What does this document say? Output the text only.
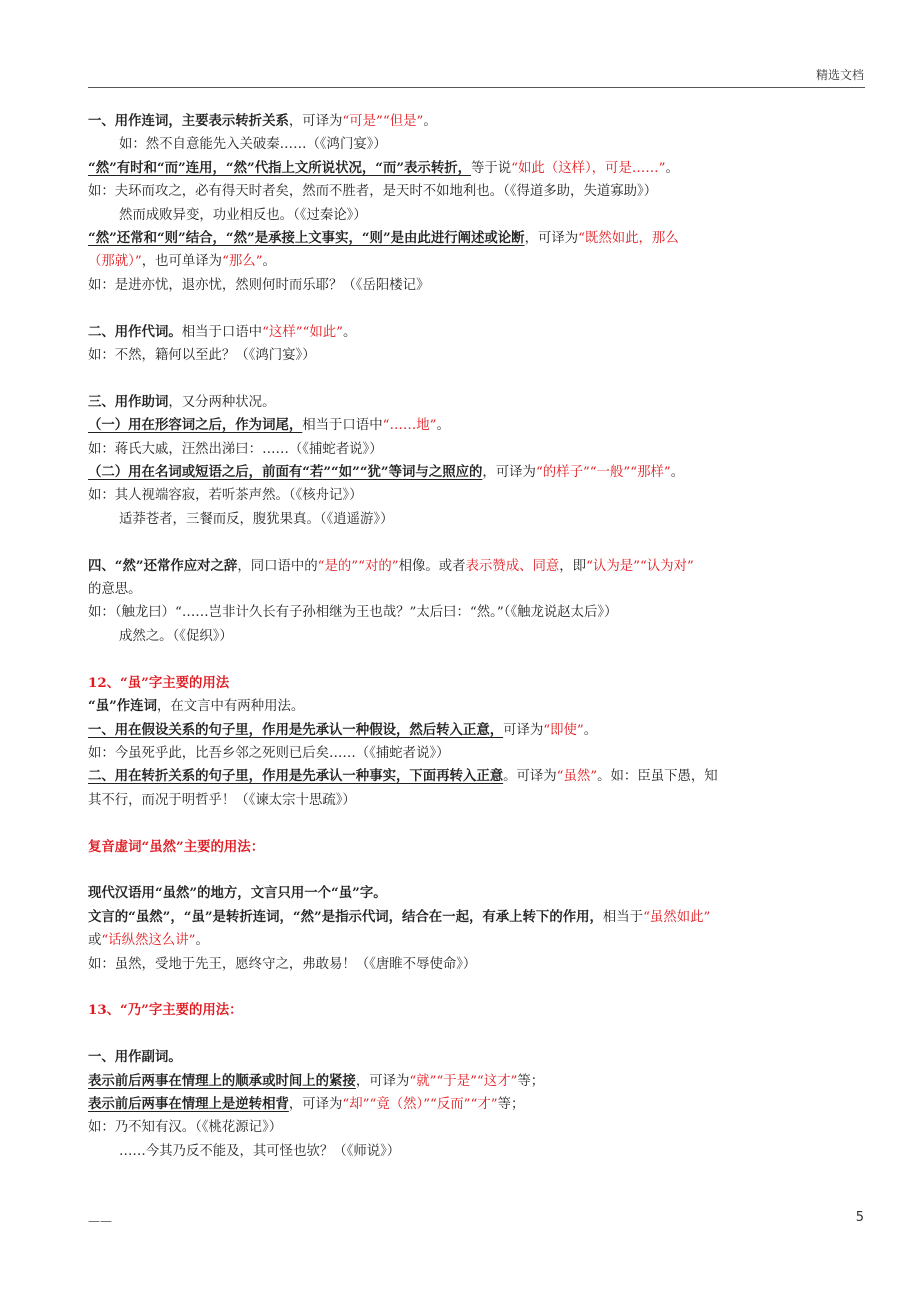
精选文档
一、用作连词，主要表示转折关系，可译为“可是”“但是”。
如：然不自意能先入关破秦……（《鸿门宴》）
“然”有时和“而”连用，“然”代指上文所说状况，“而”表示转折，等于说“如此（这样），可是……”。
如：夫环而攻之，必有得天时者矣，然而不胜者，是天时不如地利也。（《得道多助，失道寡助》）
然而成败异变，功业相反也。（《过秦论》）
“然”还常和“则”结合，“然”是承接上文事实，“则”是由此进行阐述或论断，可译为“既然如此，那么
（那就）”，也可单译为“那么”。
如：是进亦忧，退亦忧，然则何时而乐耶？（《岳阳楼记》
二、用作代词。相当于口语中“这样”“如此”。
如：不然，籍何以至此？（《鸿门宴》）
三、用作助词，又分两种状况。
（一）用在形容词之后，作为词尾，相当于口语中“……地”。
如：蒋氏大戚，汪然出涕曰：……（《捕蛇者说》）
（二）用在名词或短语之后，前面有“若”“如”“犹”等词与之照应的，可译为“的样子”“一般”“那样”。
如：其人视端容寂，若听茶声然。（《核舟记》）
适莽苍者，三餐而反，腹犹果真。（《逍遥游》）
四、“然”还常作应对之辞，同口语中的“是的”“对的”相像。或者表示赞成、同意，即“认为是”“认为对”
的意思。
如：（触龙曰）“……岂非计久长有子孙相继为王也哉？”太后曰：“然。”（《触龙说赵太后》）
成然之。（《促织》）
12、“虽”字主要的用法
“虽”作连词，在文言中有两种用法。
一、用在假设关系的句子里，作用是先承认一种假设，然后转入正意，可译为“即使”。
如：今虽死乎此，比吾乡邻之死则已后矣……（《捕蛇者说》）
二、用在转折关系的句子里，作用是先承认一种事实，下面再转入正意。可译为“虽然”。如：臣虽下愚，知
其不行，而况于明哲乎！（《谏太宗十思疏》）
复音虚词“虽然”主要的用法：
现代汉语用“虽然”的地方，文言只用一个“虽”字。
文言的“虽然”，“虽”是转折连词，“然”是指示代词，结合在一起，有承上转下的作用，相当于“虽然如此”
或“话纵然这么讲”。
如：虽然，受地于先王，愿终守之，弗敢易！（《唐睢不辱使命》）
13、“乃”字主要的用法：
一、用作副词。
表示前后两事在情理上的顺承或时间上的紧接，可译为“就”“于是”“这才”等；
表示前后两事在情理上是逆转相背，可译为“却”“竟（然）”“反而”“才”等；
如：乃不知有汉。（《桃花源记》）
……今其乃反不能及，其可怪也欤？（《师说》）
——	5
